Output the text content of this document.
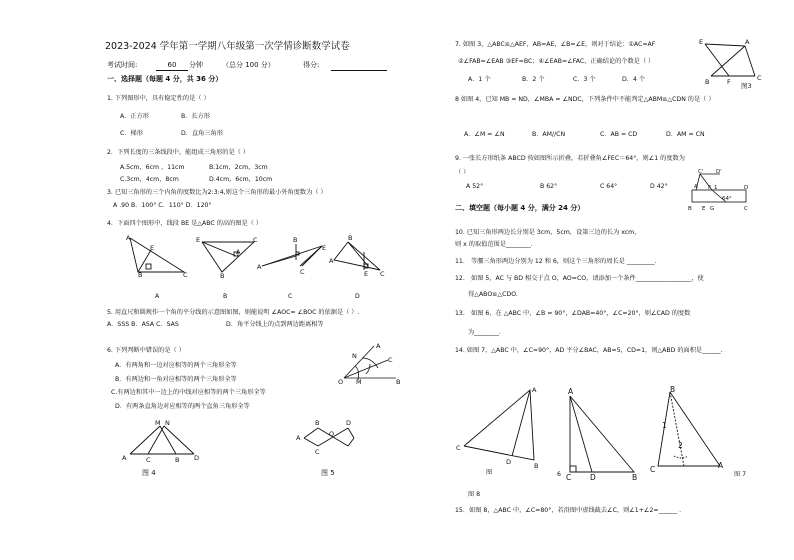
2023-2024 学年第一学期八年级第一次学情诊断数学试卷
考试时间:	60	分钟	（总分 100 分）	得分:
一、选择题（每题 4 分，共 36 分）
1. 下列图形中，具有稳定性的是（ ）
A．正方形	B．长方形
C．梯形	D．直角三角形
2．下列长度的三条线段中，能组成三角形的是（ ）
A.5cm，6cm ，11cm	B.1cm，2cm，3cm
C.3cm，4cm，8cm	D.4cm，6cm，10cm
3. 已知三角形的三个内角的度数比为2:3:4,则这个三角形的最小外角度数为（ ）
A .90 B．100° C．110° D．120°
4．下面四个图形中，线段 BE 是△ABC 的高的图是（ ）
A
E
B	C
E
A
B
C
A
B
C
E
B
A
E C
A	B	C	D
5. 用直尺和圆规作一个角的平分线的示意图如图，则能说明 ∠AOC= ∠BOC 的依据是（ ）.
A．SSS B．ASA C．SAS	D．角平分线上的点到两边距离相等
6. 下列判断中错误的是（ ）
A．有两角和一边对应相等的两个三角形全等
B．有两边和一角对应相等的两个三角形全等
C.有两边和其中一边上的中线对应相等的两个三角形全等
D．有两条直角边对应相等的两个直角三角形全等
N
A
C
O M	B
M N
A	C	B D
图 4
A
B
C
O
D
图 5
7. 如图 3，△ABC≌△AEF，AB=AE，∠B=∠E，则对于结论：①AC=AF
②∠FAB=∠EAB ③EF=BC；④∠EAB=∠FAC，正确结论的个数是（ ）
A．1 个	B．2 个	C．3 个	D．4 个
E	A
B	F	C
图3
8 如图 4，已知 MB = ND，∠MBA = ∠NDC，下列条件中不能判定△ABM≌△CDN 的是（ ）
A．∠M = ∠N	B．AM//CN	C．AB = CD	D．AM = CN
9. 一张长方形纸条 ABCD 按如图所示折叠，若折叠角∠FEC＝64°，则∠1 的度数为
（ ）
A 52°	B 62°	C 64°	D 42°	A
C' D'
F 1	D
B E G
64°
C
二、填空题（每小题 4 分，满分 24 分）
10. 已知三角形两边长分别是 3cm，5cm，设第三边的长为 xcm，
则 x 的取值范围是________.
11． 等腰三角形两边分别为 12 和 6，则这个三角形的周长是 _________.
12． 如图 5，AC 与 BD 相交于点 O，AO=CO，请添加一个条件__________________，使
得△ABO≌△CDO.
13． 如图 6，在 △ABC 中，∠B = 90°，∠DAB=40°，∠C=20°，则∠CAD 的度数
为________.
14. 如图 7，△ABC 中，∠C=90°，AD 平分∠BAC，AB=5，CD=1，则△ABD 的面积是______.
A
C
D	B
图
A
C	D	B
6
B
1
2
C	A
图 7
图 8
15．如图 8，△ABC 中，∠C=80°，若沿图中虚线截去∠C，则∠1+∠2=______ .
